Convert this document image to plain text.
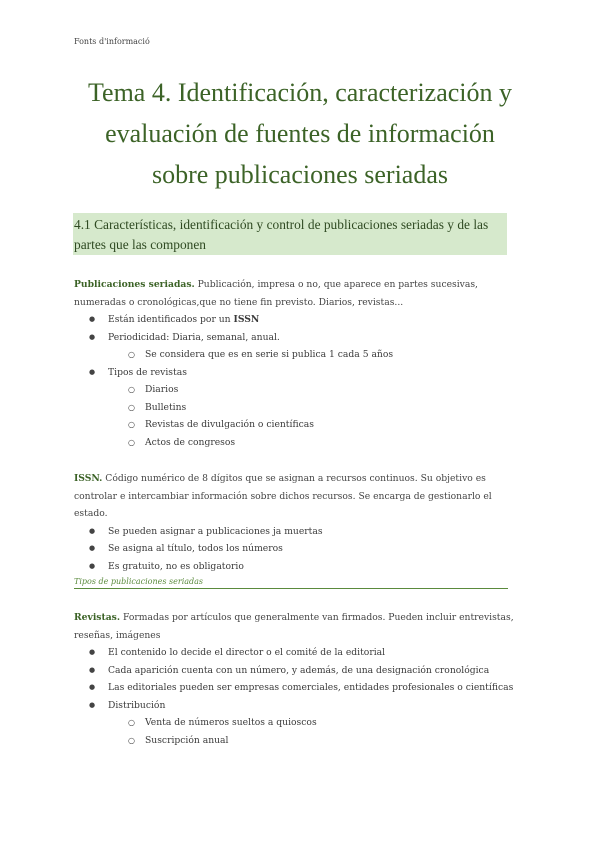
Fonts d'informació
Tema 4. Identificación, caracterización y
evaluación de fuentes de información
sobre publicaciones seriadas
4.1 Características, identificación y control de publicaciones seriadas y de las partes que las componen
Publicaciones seriadas. Publicación, impresa o no, que aparece en partes sucesivas, numeradas o cronológicas,que no tiene fin previsto. Diarios, revistas...
● Están identificados por un ISSN
● Periodicidad: Diaria, semanal, anual.
○ Se considera que es en serie si publica 1 cada 5 años
● Tipos de revistas
○ Diarios
○ Bulletins
○ Revistas de divulgación o científicas
○ Actos de congresos
ISSN. Código numérico de 8 dígitos que se asignan a recursos continuos. Su objetivo es controlar e intercambiar información sobre dichos recursos. Se encarga de gestionarlo el estado.
● Se pueden asignar a publicaciones ja muertas
● Se asigna al título, todos los números
● Es gratuito, no es obligatorio
Tipos de publicaciones seriadas
Revistas. Formadas por artículos que generalmente van firmados. Pueden incluir entrevistas, reseñas, imágenes
● El contenido lo decide el director o el comité de la editorial
● Cada aparición cuenta con un número, y además, de una designación cronológica
● Las editoriales pueden ser empresas comerciales, entidades profesionales o científicas
● Distribución
○ Venta de números sueltos a quioscos
○ Suscripción anual
